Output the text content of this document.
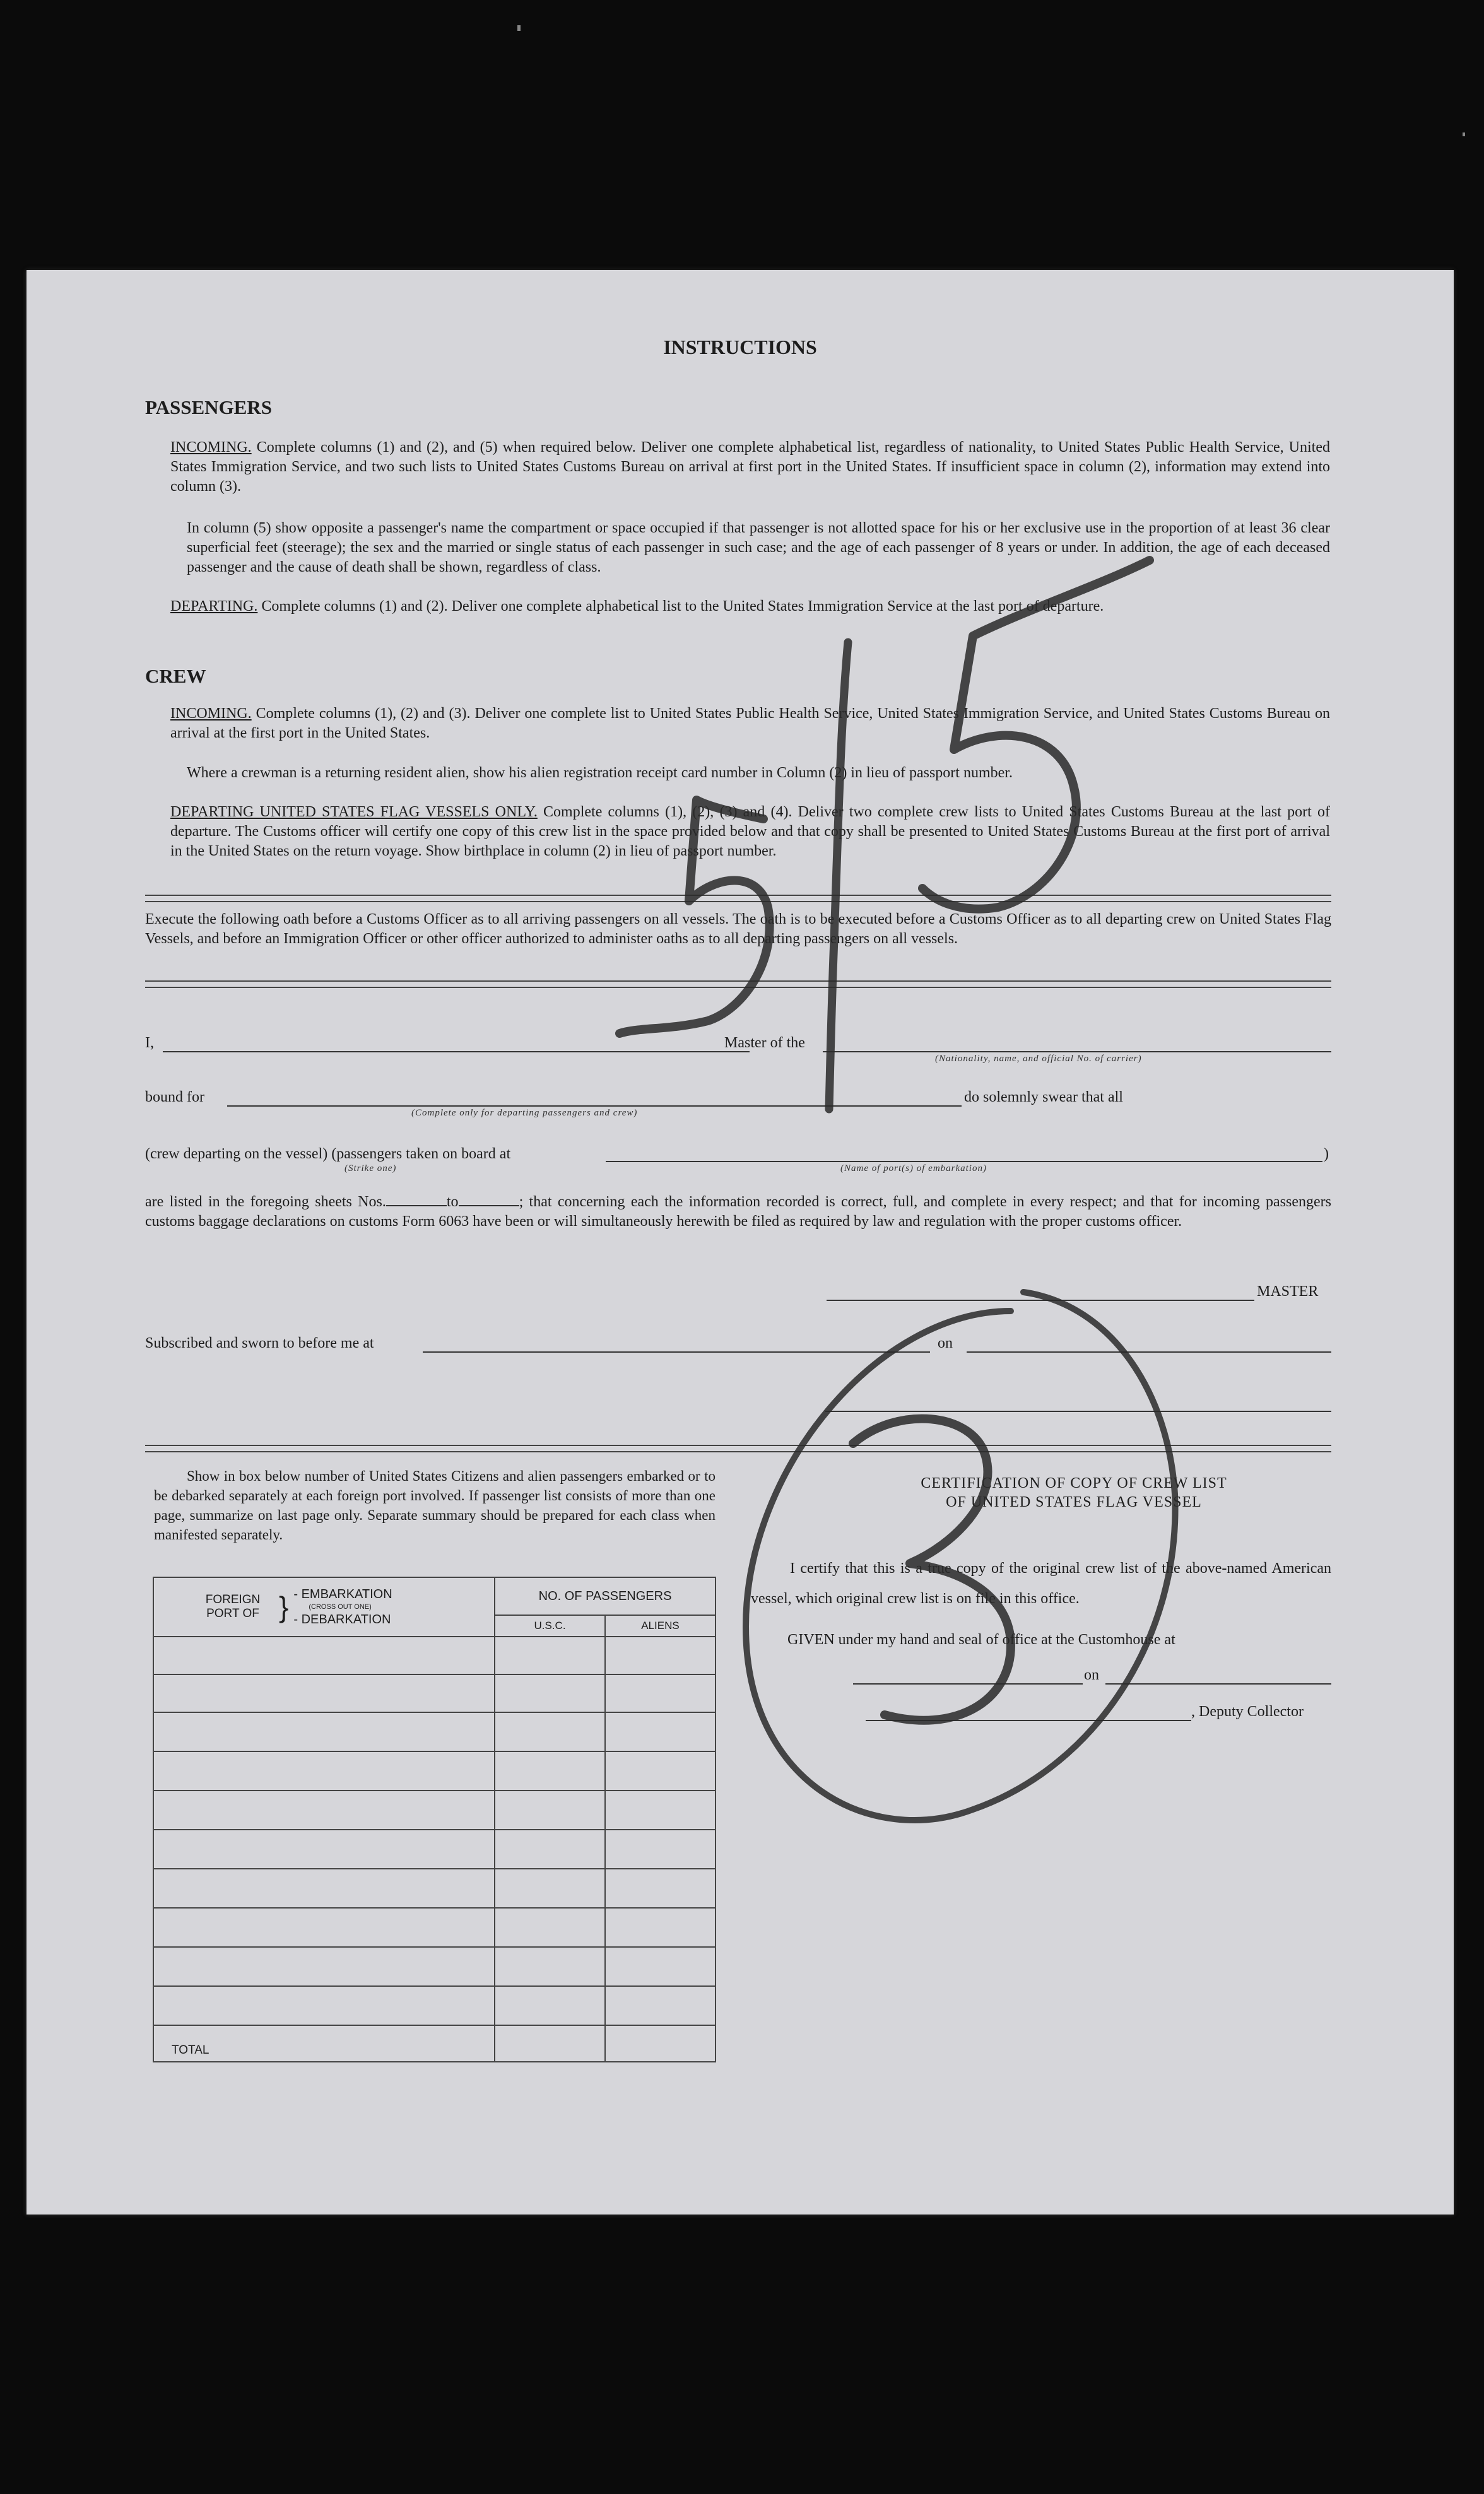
INSTRUCTIONS
PASSENGERS
INCOMING. Complete columns (1) and (2), and (5) when required below. Deliver one complete alphabetical list, regardless of nationality, to United States Public Health Service, United States Immigration Service, and two such lists to United States Customs Bureau on arrival at first port in the United States. If insufficient space in column (2), information may extend into column (3).
In column (5) show opposite a passenger's name the compartment or space occupied if that passenger is not allotted space for his or her exclusive use in the proportion of at least 36 clear superficial feet (steerage); the sex and the married or single status of each passenger in such case; and the age of each passenger of 8 years or under. In addition, the age of each deceased passenger and the cause of death shall be shown, regardless of class.
DEPARTING. Complete columns (1) and (2). Deliver one complete alphabetical list to the United States Immigration Service at the last port of departure.
CREW
INCOMING. Complete columns (1), (2) and (3). Deliver one complete list to United States Public Health Service, United States Immigration Service, and United States Customs Bureau on arrival at the first port in the United States.
Where a crewman is a returning resident alien, show his alien registration receipt card number in Column (2) in lieu of passport number.
DEPARTING UNITED STATES FLAG VESSELS ONLY. Complete columns (1), (2), (3) and (4). Deliver two complete crew lists to United States Customs Bureau at the last port of departure. The Customs officer will certify one copy of this crew list in the space provided below and that copy shall be presented to United States Customs Bureau at the first port of arrival in the United States on the return voyage. Show birthplace in column (2) in lieu of passport number.
Execute the following oath before a Customs Officer as to all arriving passengers on all vessels. The oath is to be executed before a Customs Officer as to all departing crew on United States Flag Vessels, and before an Immigration Officer or other officer authorized to administer oaths as to all departing passengers on all vessels.
I,	Master of the
(Nationality, name, and official No. of carrier)
bound for
(Complete only for departing passengers and crew)
do solemnly swear that all
(crew departing on the vessel) (passengers taken on board at
(Strike one)
)
(Name of port(s) of embarkation)
are listed in the foregoing sheets Nos.	to	; that concerning each the information recorded is correct, full, and complete in every respect; and that for incoming passengers customs baggage declarations on customs Form 6063 have been or will simultaneously herewith be filed as required by law and regulation with the proper customs officer.
MASTER
Subscribed and sworn to before me at	on
Show in box below number of United States Citizens and alien passengers embarked or to be debarked separately at each foreign port involved. If passenger list consists of more than one page, summarize on last page only. Separate summary should be prepared for each class when manifested separately.
FOREIGN PORT OF } - EMBARKATION
(CROSS OUT ONE)
- DEBARKATION	NO. OF PASSENGERS	
	U.S.C.	ALIENS

TOTAL		
CERTIFICATION OF COPY OF CREW LIST
OF UNITED STATES FLAG VESSEL
I certify that this is a true copy of the original crew list of the above-named American vessel, which original crew list is on file in this office.
GIVEN under my hand and seal of office at the Customhouse at
on
, Deputy Collector
